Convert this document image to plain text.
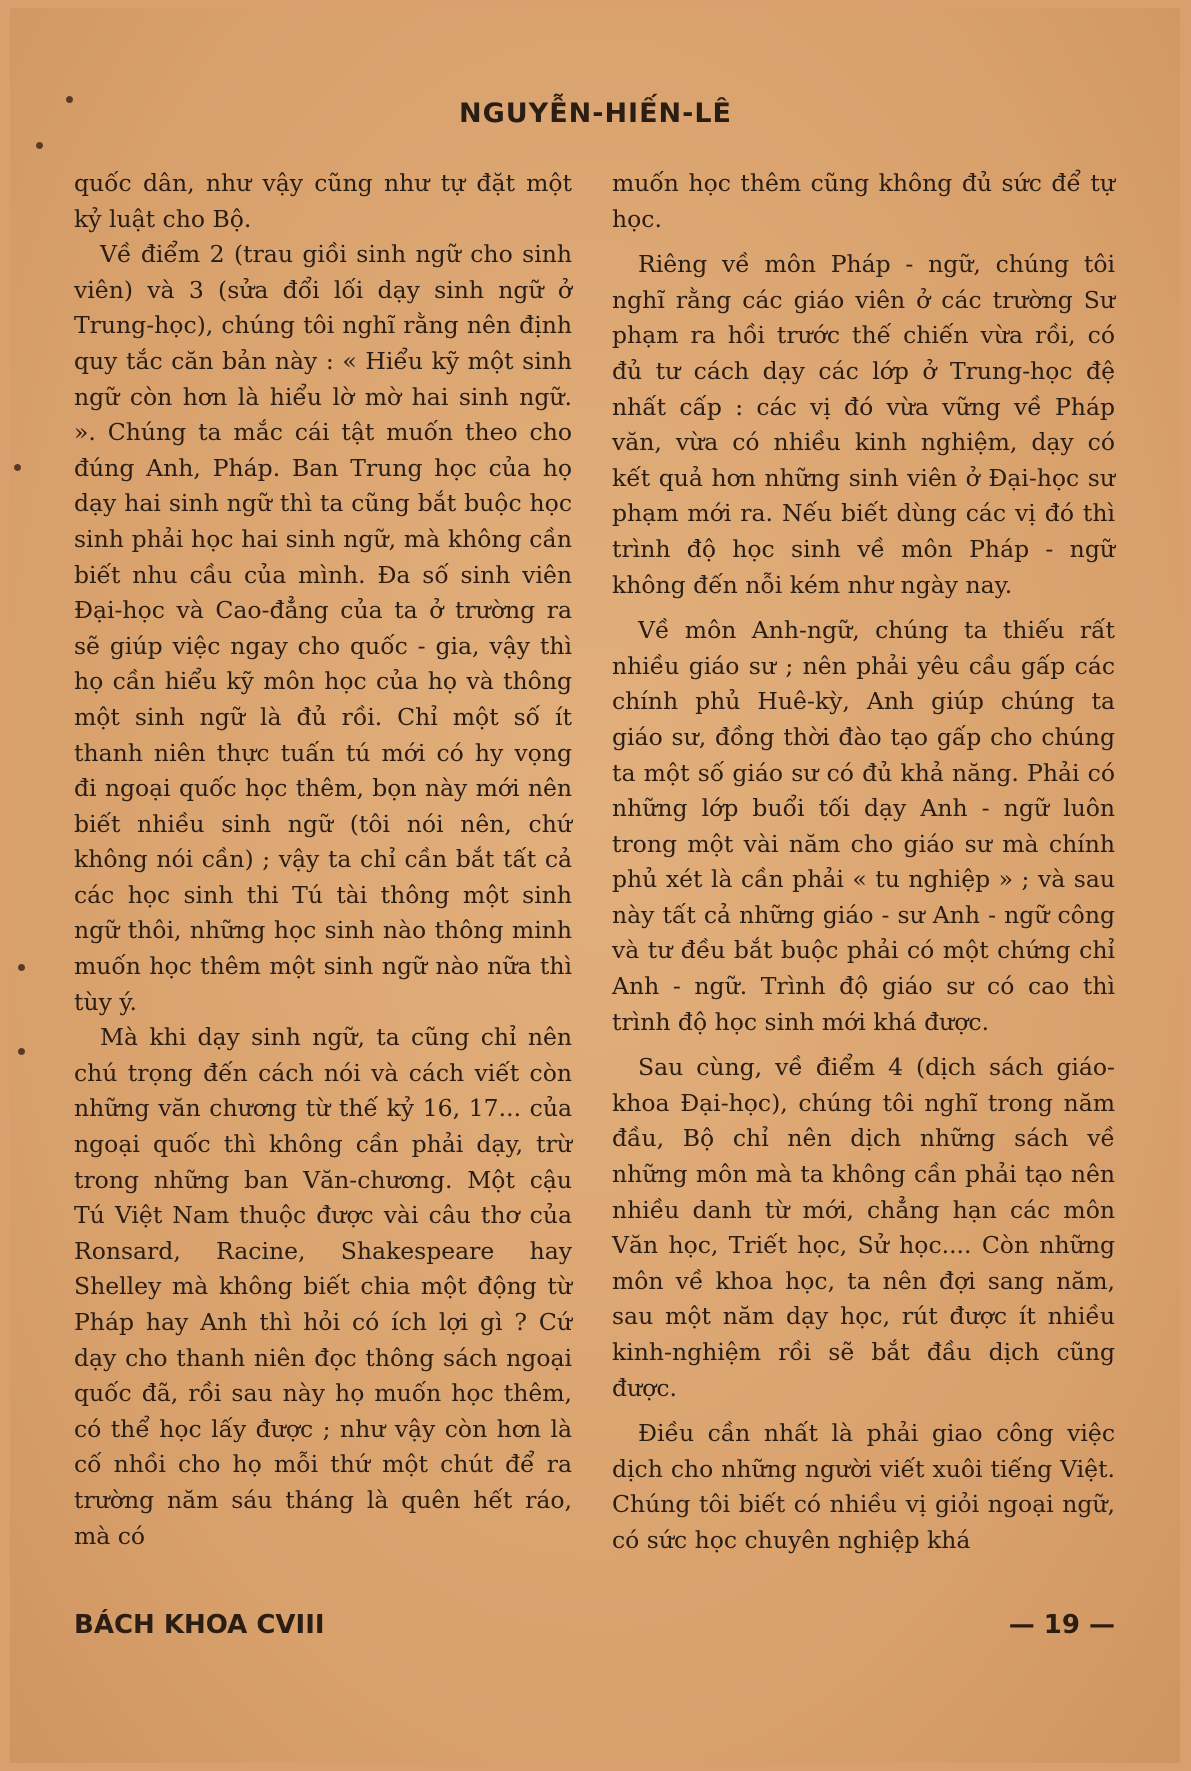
NGUYỄN-HIẾN-LÊ

quốc dân, như vậy cũng như tự đặt một kỷ luật cho Bộ.

Về điểm 2 (trau giồi sinh ngữ cho sinh viên) và 3 (sửa đổi lối dạy sinh ngữ ở Trung-học), chúng tôi nghĩ rằng nên định quy tắc căn bản này : « Hiểu kỹ một sinh ngữ còn hơn là hiểu lờ mờ hai sinh ngữ. ». Chúng ta mắc cái tật muốn theo cho đúng Anh, Pháp. Ban Trung học của họ dạy hai sinh ngữ thì ta cũng bắt buộc học sinh phải học hai sinh ngữ, mà không cần biết nhu cầu của mình. Đa số sinh viên Đại-học và Cao-đẳng của ta ở trường ra sẽ giúp việc ngay cho quốc - gia, vậy thì họ cần hiểu kỹ môn học của họ và thông một sinh ngữ là đủ rồi. Chỉ một số ít thanh niên thực tuấn tú mới có hy vọng đi ngoại quốc học thêm, bọn này mới nên biết nhiều sinh ngữ (tôi nói nên, chứ không nói cần) ; vậy ta chỉ cần bắt tất cả các học sinh thi Tú tài thông một sinh ngữ thôi, những học sinh nào thông minh muốn học thêm một sinh ngữ nào nữa thì tùy ý.

Mà khi dạy sinh ngữ, ta cũng chỉ nên chú trọng đến cách nói và cách viết còn những văn chương từ thế kỷ 16, 17... của ngoại quốc thì không cần phải dạy, trừ trong những ban Văn-chương. Một cậu Tú Việt Nam thuộc được vài câu thơ của Ronsard, Racine, Shakespeare hay Shelley mà không biết chia một động từ Pháp hay Anh thì hỏi có ích lợi gì ? Cứ dạy cho thanh niên đọc thông sách ngoại quốc đã, rồi sau này họ muốn học thêm, có thể học lấy được ; như vậy còn hơn là cố nhồi cho họ mỗi thứ một chút để ra trường năm sáu tháng là quên hết ráo, mà có

muốn học thêm cũng không đủ sức để tự học.

Riêng về môn Pháp - ngữ, chúng tôi nghĩ rằng các giáo viên ở các trường Sư phạm ra hồi trước thế chiến vừa rồi, có đủ tư cách dạy các lớp ở Trung-học đệ nhất cấp : các vị đó vừa vững về Pháp văn, vừa có nhiều kinh nghiệm, dạy có kết quả hơn những sinh viên ở Đại-học sư phạm mới ra. Nếu biết dùng các vị đó thì trình độ học sinh về môn Pháp - ngữ không đến nỗi kém như ngày nay.

Về môn Anh-ngữ, chúng ta thiếu rất nhiều giáo sư ; nên phải yêu cầu gấp các chính phủ Huê-kỳ, Anh giúp chúng ta giáo sư, đồng thời đào tạo gấp cho chúng ta một số giáo sư có đủ khả năng. Phải có những lớp buổi tối dạy Anh - ngữ luôn trong một vài năm cho giáo sư mà chính phủ xét là cần phải « tu nghiệp » ; và sau này tất cả những giáo - sư Anh - ngữ công và tư đều bắt buộc phải có một chứng chỉ Anh - ngữ. Trình độ giáo sư có cao thì trình độ học sinh mới khá được.

Sau cùng, về điểm 4 (dịch sách giáo-khoa Đại-học), chúng tôi nghĩ trong năm đầu, Bộ chỉ nên dịch những sách về những môn mà ta không cần phải tạo nên nhiều danh từ mới, chẳng hạn các môn Văn học, Triết học, Sử học.... Còn những môn về khoa học, ta nên đợi sang năm, sau một năm dạy học, rút được ít nhiều kinh-nghiệm rồi sẽ bắt đầu dịch cũng được.

Điều cần nhất là phải giao công việc dịch cho những người viết xuôi tiếng Việt. Chúng tôi biết có nhiều vị giỏi ngoại ngữ, có sức học chuyên nghiệp khá

BÁCH KHOA CVIII	— 19 —
